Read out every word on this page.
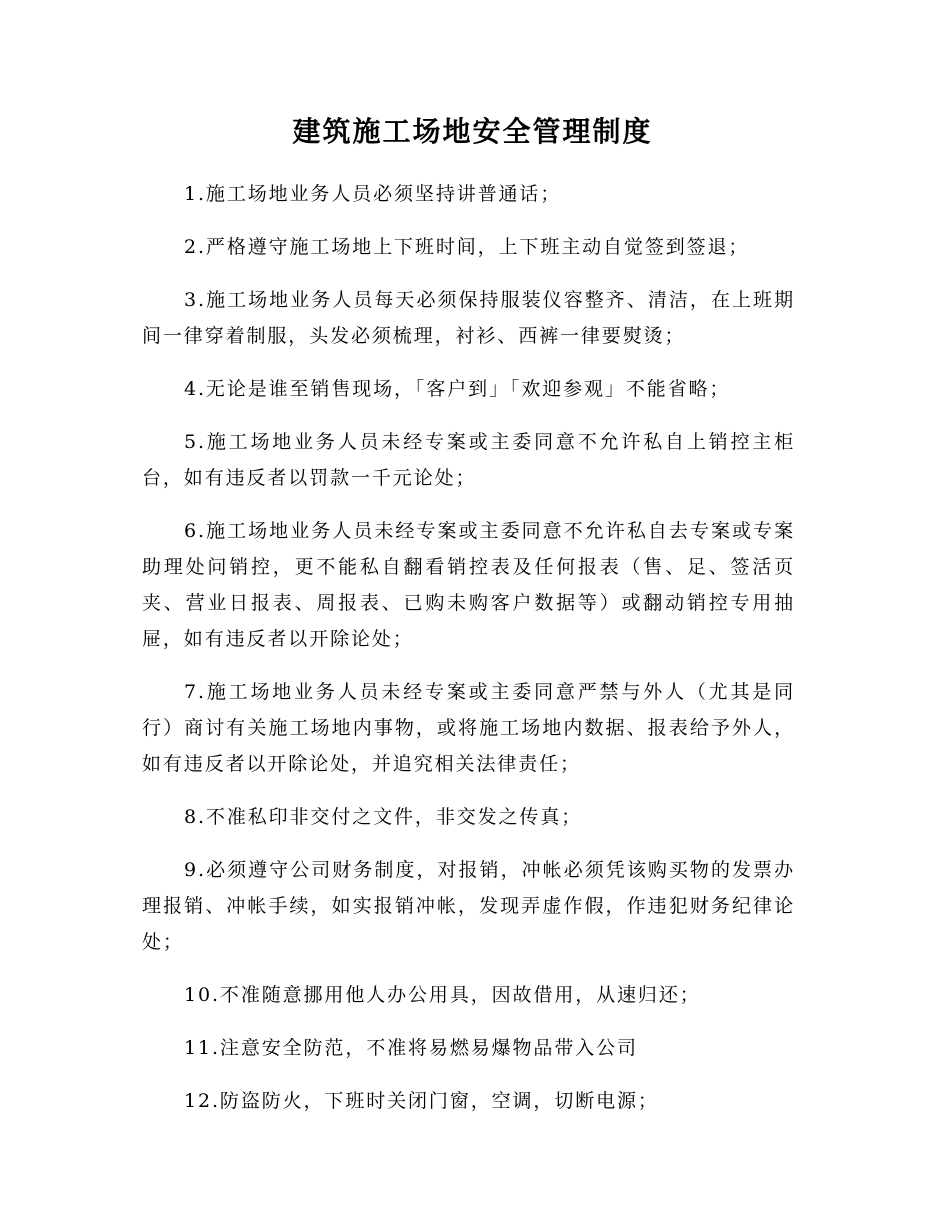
建筑施工场地安全管理制度

1.施工场地业务人员必须坚持讲普通话；

2.严格遵守施工场地上下班时间，上下班主动自觉签到签退；

3.施工场地业务人员每天必须保持服装仪容整齐、清洁，在上班期间一律穿着制服，头发必须梳理，衬衫、西裤一律要熨烫；

4.无论是谁至销售现场，「客户到」「欢迎参观」不能省略；

5.施工场地业务人员未经专案或主委同意不允许私自上销控主柜台，如有违反者以罚款一千元论处；

6.施工场地业务人员未经专案或主委同意不允许私自去专案或专案助理处问销控，更不能私自翻看销控表及任何报表（售、足、签活页夹、营业日报表、周报表、已购未购客户数据等）或翻动销控专用抽屉，如有违反者以开除论处；

7.施工场地业务人员未经专案或主委同意严禁与外人（尤其是同行）商讨有关施工场地内事物，或将施工场地内数据、报表给予外人，如有违反者以开除论处，并追究相关法律责任；

8.不准私印非交付之文件，非交发之传真；

9.必须遵守公司财务制度，对报销，冲帐必须凭该购买物的发票办理报销、冲帐手续，如实报销冲帐，发现弄虚作假，作违犯财务纪律论处；

10.不准随意挪用他人办公用具，因故借用，从速归还；

11.注意安全防范，不准将易燃易爆物品带入公司

12.防盗防火，下班时关闭门窗，空调，切断电源；
